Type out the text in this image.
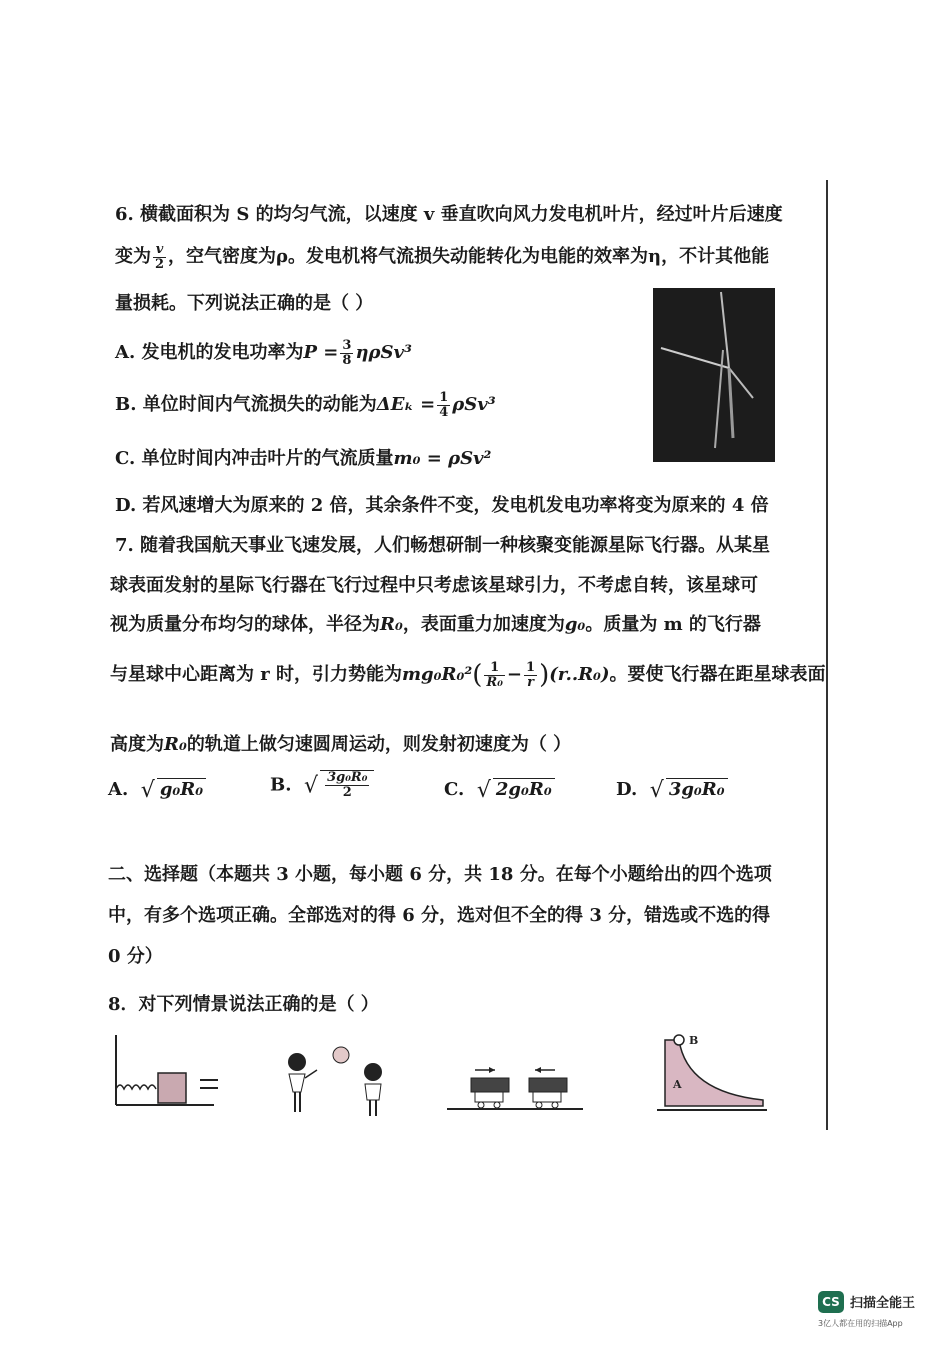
6. 横截面积为 S 的均匀气流，以速度 v 垂直吹向风力发电机叶片，经过叶片后速度
变为 $\frac{v}{2}$ ，空气密度为ρ。发电机将气流损失动能转化为电能的效率为η，不计其他能
量损耗。下列说法正确的是（ ）
A. 发电机的发电功率为$P = \frac{3}{8} \eta\rho Sv^3$
B. 单位时间内气流损失的动能为$\Delta E_k = \frac{1}{4} \rho Sv^3$
C. 单位时间内冲击叶片的气流质量m₀ = ρSv²
D. 若风速增大为原来的 2 倍，其余条件不变，发电机发电功率将变为原来的 4 倍
7. 随着我国航天事业飞速发展，人们畅想研制一种核聚变能源星际飞行器。从某星
球表面发射的星际飞行器在飞行过程中只考虑该星球引力，不考虑自转，该星球可
视为质量分布均匀的球体，半径为R₀，表面重力加速度为g₀。质量为 m 的飞行器
与星球中心距离为 r 时，引力势能为$mg_0R_0^2( \frac{1}{\text{R₀}} - \frac{1}{r} )(r..R_0)$。要使飞行器在距星球表面
高度为R₀的轨道上做匀速圆周运动，则发射初速度为（ ）
A. √ g₀R₀	B. √ $\frac{\text{3g₀R₀}}{2}$	C. √ 2g₀R₀	D. √ 3g₀R₀
二、选择题（本题共 3 小题，每小题 6 分，共 18 分。在每个小题给出的四个选项
中，有多个选项正确。全部选对的得 6 分，选对但不全的得 3 分，错选或不选的得
0 分）
8．对下列情景说法正确的是（ ）
B
A
CS 扫描全能王
3亿人都在用的扫描App
